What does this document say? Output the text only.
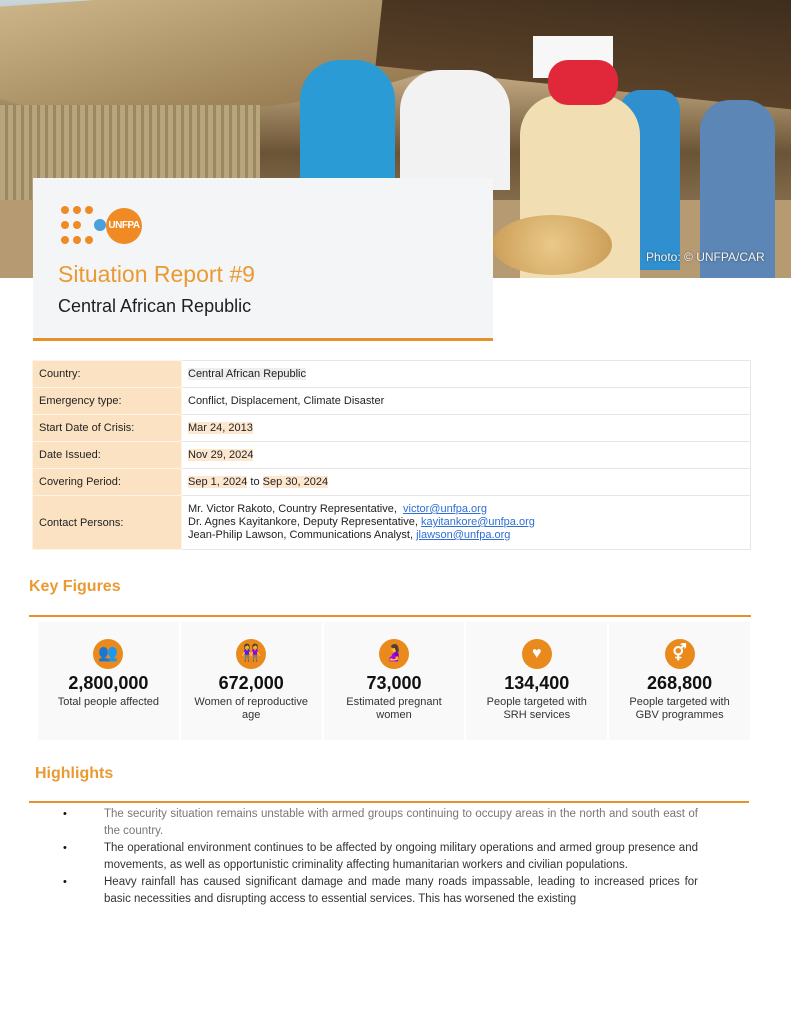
Photo: © UNFPA/CAR
UNFPA
Situation Report #9
Central African Republic
Country:	Central African Republic
Emergency type:	Conflict, Displacement, Climate Disaster
Start Date of Crisis:	Mar 24, 2013
Date Issued:	Nov 29, 2024
Covering Period:	Sep 1, 2024 to Sep 30, 2024
Contact Persons:	Mr. Victor Rakoto, Country Representative, victor@unfpa.org
Dr. Agnes Kayitankore, Deputy Representative, kayitankore@unfpa.org
Jean-Philip Lawson, Communications Analyst, jlawson@unfpa.org
Key Figures
👥
2,800,000
Total people affected
👭
672,000
Women of reproductive age
🤰
73,000
Estimated pregnant women
♥
134,400
People targeted with SRH services
⚥
268,800
People targeted with GBV programmes
Highlights
•	The security situation remains unstable with armed groups continuing to occupy areas in the north and south east of the country.
•	The operational environment continues to be affected by ongoing military operations and armed group presence and movements, as well as opportunistic criminality affecting humanitarian workers and civilian populations.
•	Heavy rainfall has caused significant damage and made many roads impassable, leading to increased prices for basic necessities and disrupting access to essential services. This has worsened the existing
